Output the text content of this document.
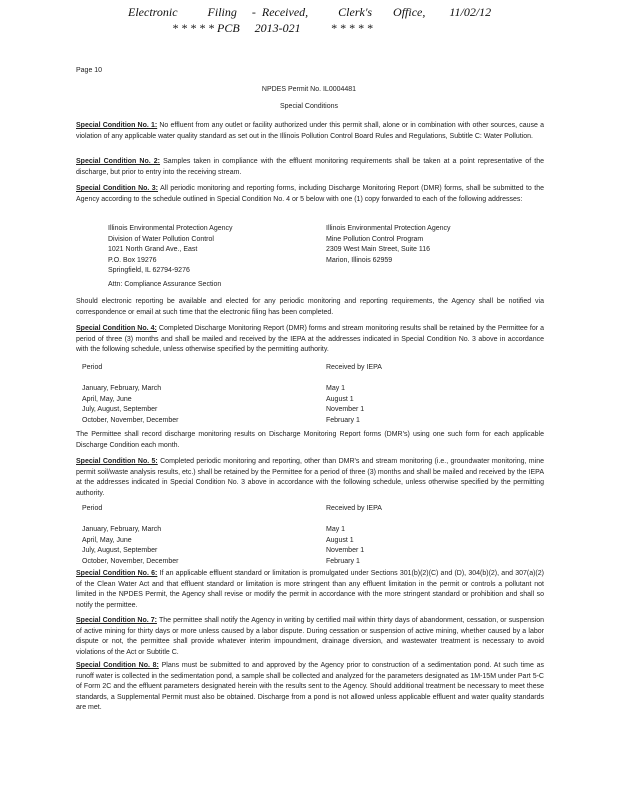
Electronic          Filing     -  Received,          Clerk's       Office,        11/02/12
* * * * * PCB     2013-021          * * * * *
Page 10
NPDES Permit No. IL0004481
Special Conditions
Special Condition No. 1: No effluent from any outlet or facility authorized under this permit shall, alone or in combination with other sources, cause a violation of any applicable water quality standard as set out in the Illinois Pollution Control Board Rules and Regulations, Subtitle C: Water Pollution.
Special Condition No. 2: Samples taken in compliance with the effluent monitoring requirements shall be taken at a point representative of the discharge, but prior to entry into the receiving stream.
Special Condition No. 3: All periodic monitoring and reporting forms, including Discharge Monitoring Report (DMR) forms, shall be submitted to the Agency according to the schedule outlined in Special Condition No. 4 or 5 below with one (1) copy forwarded to each of the following addresses:
Illinois Environmental Protection Agency
Division of Water Pollution Control
1021 North Grand Ave., East
P.O. Box 19276
Springfield, IL 62794-9276
Illinois Environmental Protection Agency
Mine Pollution Control Program
2309 West Main Street, Suite 116
Marion, Illinois 62959
Attn: Compliance Assurance Section
Should electronic reporting be available and elected for any periodic monitoring and reporting requirements, the Agency shall be notified via correspondence or email at such time that the electronic filing has been completed.
Special Condition No. 4: Completed Discharge Monitoring Report (DMR) forms and stream monitoring results shall be retained by the Permittee for a period of three (3) months and shall be mailed and received by the IEPA at the addresses indicated in Special Condition No. 3 above in accordance with the following schedule, unless otherwise specified by the permitting authority.
Period
January, February, March
April, May, June
July, August, September
October, November, December
Received by IEPA
May 1
August 1
November 1
February 1
The Permittee shall record discharge monitoring results on Discharge Monitoring Report forms (DMR's) using one such form for each applicable Discharge Condition each month.
Special Condition No. 5: Completed periodic monitoring and reporting, other than DMR's and stream monitoring (i.e., groundwater monitoring, mine permit soil/waste analysis results, etc.) shall be retained by the Permittee for a period of three (3) months and shall be mailed and received by the IEPA at the addresses indicated in Special Condition No. 3 above in accordance with the following schedule, unless otherwise specified by the permitting authority.
Period
January, February, March
April, May, June
July, August, September
October, November, December
Received by IEPA
May 1
August 1
November 1
February 1
Special Condition No. 6: If an applicable effluent standard or limitation is promulgated under Sections 301(b)(2)(C) and (D), 304(b)(2), and 307(a)(2) of the Clean Water Act and that effluent standard or limitation is more stringent than any effluent limitation in the permit or controls a pollutant not limited in the NPDES Permit, the Agency shall revise or modify the permit in accordance with the more stringent standard or prohibition and shall so notify the permittee.
Special Condition No. 7: The permittee shall notify the Agency in writing by certified mail within thirty days of abandonment, cessation, or suspension of active mining for thirty days or more unless caused by a labor dispute. During cessation or suspension of active mining, whether caused by a labor dispute or not, the permittee shall provide whatever interim impoundment, drainage diversion, and wastewater treatment is necessary to avoid violations of the Act or Subtitle C.
Special Condition No. 8: Plans must be submitted to and approved by the Agency prior to construction of a sedimentation pond. At such time as runoff water is collected in the sedimentation pond, a sample shall be collected and analyzed for the parameters designated as 1M-15M under Part 5-C of Form 2C and the effluent parameters designated herein with the results sent to the Agency. Should additional treatment be necessary to meet these standards, a Supplemental Permit must also be obtained. Discharge from a pond is not allowed unless applicable effluent and water quality standards are met.
